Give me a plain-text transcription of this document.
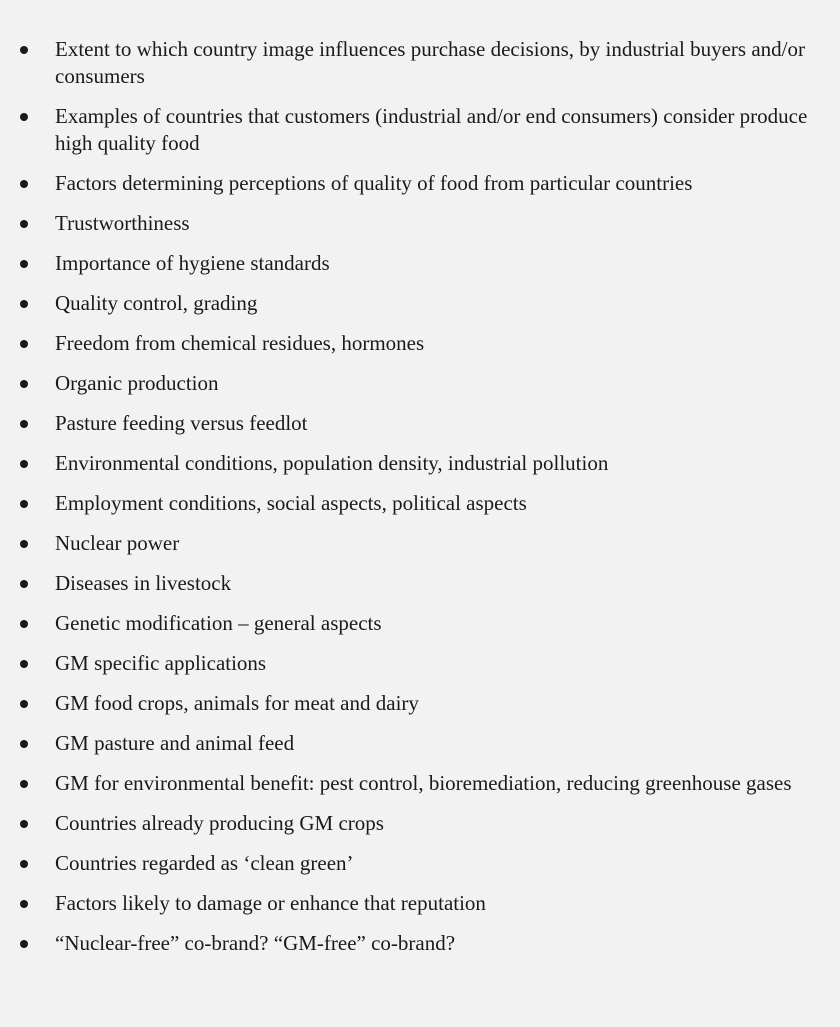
Extent to which country image influences purchase decisions, by industrial buyers and/or consumers
Examples of countries that customers (industrial and/or end consumers) consider produce high quality food
Factors determining perceptions of quality of food from particular countries
Trustworthiness
Importance of hygiene standards
Quality control, grading
Freedom from chemical residues, hormones
Organic production
Pasture feeding versus feedlot
Environmental conditions, population density, industrial pollution
Employment conditions, social aspects, political aspects
Nuclear power
Diseases in livestock
Genetic modification – general aspects
GM specific applications
GM food crops, animals for meat and dairy
GM pasture and animal feed
GM for environmental benefit: pest control, bioremediation, reducing greenhouse gases
Countries already producing GM crops
Countries regarded as ‘clean green’
Factors likely to damage or enhance that reputation
“Nuclear-free” co-brand? “GM-free” co-brand?
